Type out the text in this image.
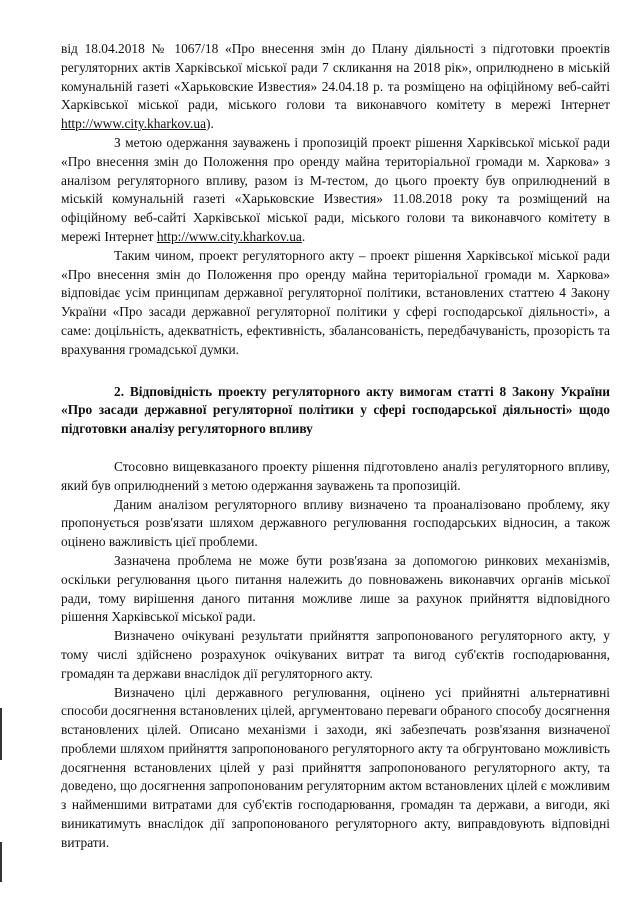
від 18.04.2018 № 1067/18 «Про внесення змін до Плану діяльності з підготовки проектів регуляторних актів Харківської міської ради 7 скликання на 2018 рік», оприлюднено в міській комунальній газеті «Харьковские Известия» 24.04.18 р. та розміщено на офіційному веб-сайті Харківської міської ради, міського голови та виконавчого комітету в мережі Інтернет http://www.city.kharkov.ua).

З метою одержання зауважень і пропозицій проект рішення Харківської міської ради «Про внесення змін до Положення про оренду майна територіальної громади м. Харкова» з аналізом регуляторного впливу, разом із М-тестом, до цього проекту був оприлюднений в міській комунальній газеті «Харьковские Известия» 11.08.2018 року та розміщений на офіційному веб-сайті Харківської міської ради, міського голови та виконавчого комітету в мережі Інтернет http://www.city.kharkov.ua.

Таким чином, проект регуляторного акту – проект рішення Харківської міської ради «Про внесення змін до Положення про оренду майна територіальної громади м. Харкова» відповідає усім принципам державної регуляторної політики, встановлених статтею 4 Закону України «Про засади державної регуляторної політики у сфері господарської діяльності», а саме: доцільність, адекватність, ефективність, збалансованість, передбачуваність, прозорість та врахування громадської думки.

2. Відповідність проекту регуляторного акту вимогам статті 8 Закону України «Про засади державної регуляторної політики у сфері господарської діяльності» щодо підготовки аналізу регуляторного впливу

Стосовно вищевказаного проекту рішення підготовлено аналіз регуляторного впливу, який був оприлюднений з метою одержання зауважень та пропозицій.

Даним аналізом регуляторного впливу визначено та проаналізовано проблему, яку пропонується розв'язати шляхом державного регулювання господарських відносин, а також оцінено важливість цієї проблеми.

Зазначена проблема не може бути розв'язана за допомогою ринкових механізмів, оскільки регулювання цього питання належить до повноважень виконавчих органів міської ради, тому вирішення даного питання можливе лише за рахунок прийняття відповідного рішення Харківської міської ради.

Визначено очікувані результати прийняття запропонованого регуляторного акту, у тому числі здійснено розрахунок очікуваних витрат та вигод суб'єктів господарювання, громадян та держави внаслідок дії регуляторного акту.

Визначено цілі державного регулювання, оцінено усі прийнятні альтернативні способи досягнення встановлених цілей, аргументовано переваги обраного способу досягнення встановлених цілей. Описано механізми і заходи, які забезпечать розв'язання визначеної проблеми шляхом прийняття запропонованого регуляторного акту та обгрунтовано можливість досягнення встановлених цілей у разі прийняття запропонованого регуляторного акту, та доведено, що досягнення запропонованим регуляторним актом встановлених цілей є можливим з найменшими витратами для суб'єктів господарювання, громадян та держави, а вигоди, які виникатимуть внаслідок дії запропонованого регуляторного акту, виправдовують відповідні витрати.
